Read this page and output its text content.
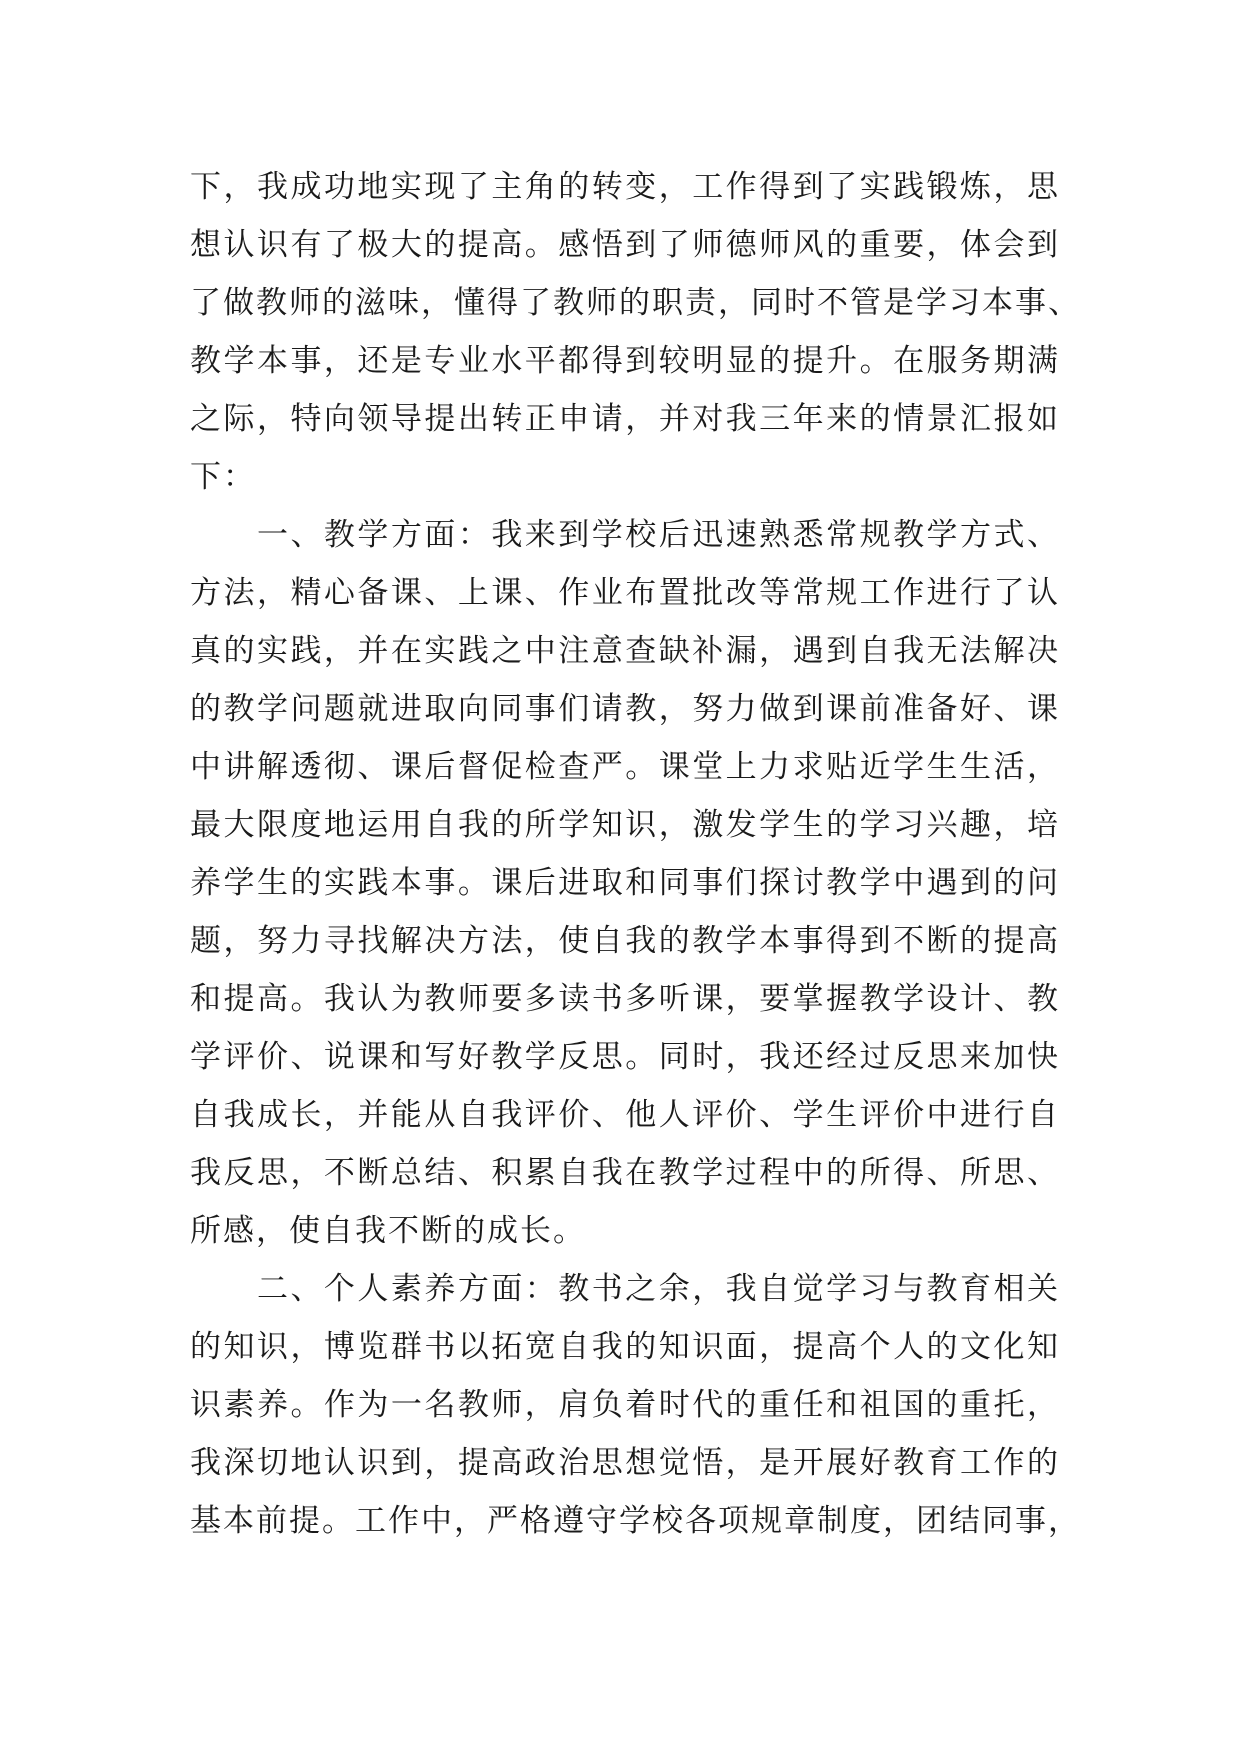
下，我成功地实现了主角的转变，工作得到了实践锻炼，思
想认识有了极大的提高。感悟到了师德师风的重要，体会到
了做教师的滋味，懂得了教师的职责，同时不管是学习本事、
教学本事，还是专业水平都得到较明显的提升。在服务期满
之际，特向领导提出转正申请，并对我三年来的情景汇报如
下：
　　一、教学方面：我来到学校后迅速熟悉常规教学方式、
方法，精心备课、上课、作业布置批改等常规工作进行了认
真的实践，并在实践之中注意查缺补漏，遇到自我无法解决
的教学问题就进取向同事们请教，努力做到课前准备好、课
中讲解透彻、课后督促检查严。课堂上力求贴近学生生活，
最大限度地运用自我的所学知识，激发学生的学习兴趣，培
养学生的实践本事。课后进取和同事们探讨教学中遇到的问
题，努力寻找解决方法，使自我的教学本事得到不断的提高
和提高。我认为教师要多读书多听课，要掌握教学设计、教
学评价、说课和写好教学反思。同时，我还经过反思来加快
自我成长，并能从自我评价、他人评价、学生评价中进行自
我反思，不断总结、积累自我在教学过程中的所得、所思、
所感，使自我不断的成长。
　　二、个人素养方面：教书之余，我自觉学习与教育相关
的知识，博览群书以拓宽自我的知识面，提高个人的文化知
识素养。作为一名教师，肩负着时代的重任和祖国的重托，
我深切地认识到，提高政治思想觉悟，是开展好教育工作的
基本前提。工作中，严格遵守学校各项规章制度，团结同事，
